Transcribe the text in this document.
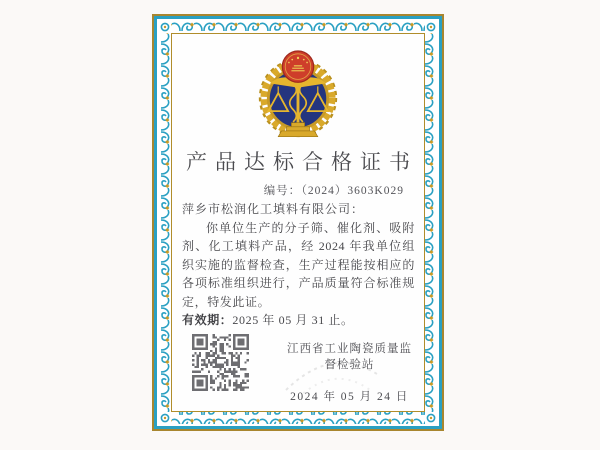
产品达标合格证书
编号：（2024）3603K029
萍乡市松润化工填料有限公司：
你单位生产的分子筛、催化剂、吸附剂、化工填料产品，经 2024 年我单位组织实施的监督检查，生产过程能按相应的各项标准组织进行，产品质量符合标准规定，特发此证。
有效期：2025 年 05 月 31 止。
江西省工业陶瓷质量监督检验站
2024 年 05 月 24 日
